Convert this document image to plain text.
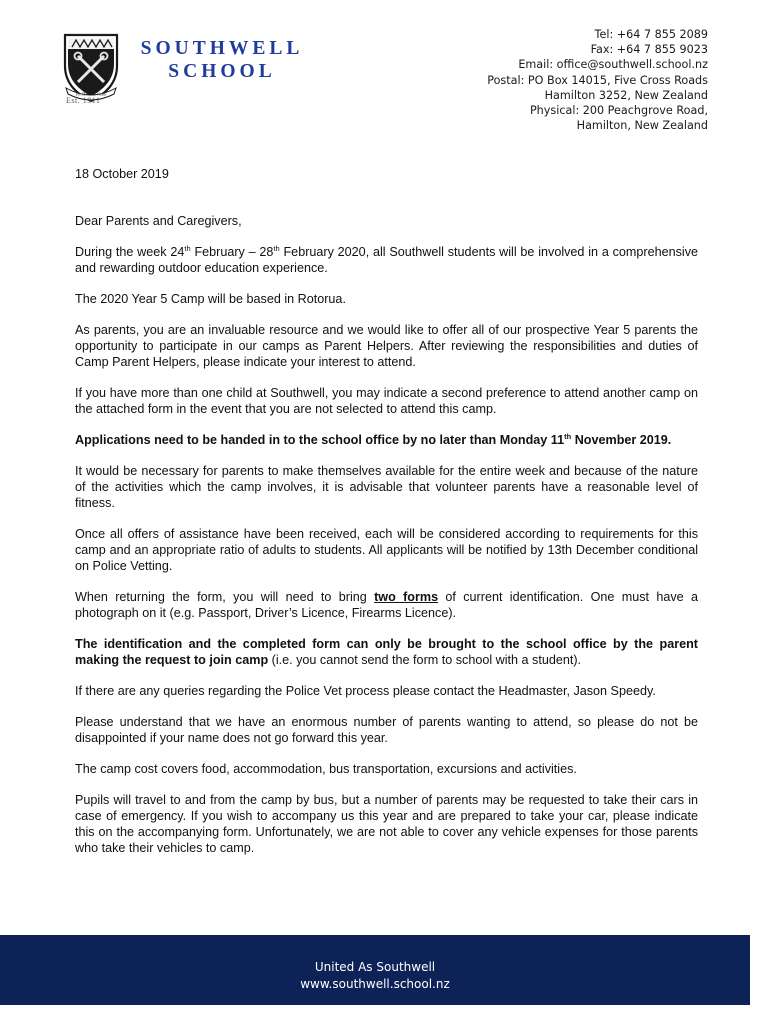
Pro Deo, Ad Vitam
Est. 1911
SOUTHWELL
SCHOOL
Tel: +64 7 855 2089
Fax: +64 7 855 9023
Email: office@southwell.school.nz
Postal: PO Box 14015, Five Cross Roads
Hamilton 3252, New Zealand
Physical: 200 Peachgrove Road,
Hamilton, New Zealand

18 October 2019

Dear Parents and Caregivers,

During the week 24th February – 28th February 2020, all Southwell students will be involved in a comprehensive and rewarding outdoor education experience.

The 2020 Year 5 Camp will be based in Rotorua.

As parents, you are an invaluable resource and we would like to offer all of our prospective Year 5 parents the opportunity to participate in our camps as Parent Helpers. After reviewing the responsibilities and duties of Camp Parent Helpers, please indicate your interest to attend.

If you have more than one child at Southwell, you may indicate a second preference to attend another camp on the attached form in the event that you are not selected to attend this camp.

Applications need to be handed in to the school office by no later than Monday 11th November 2019.

It would be necessary for parents to make themselves available for the entire week and because of the nature of the activities which the camp involves, it is advisable that volunteer parents have a reasonable level of fitness.

Once all offers of assistance have been received, each will be considered according to requirements for this camp and an appropriate ratio of adults to students. All applicants will be notified by 13th December conditional on Police Vetting.

When returning the form, you will need to bring two forms of current identification. One must have a photograph on it (e.g. Passport, Driver’s Licence, Firearms Licence).

The identification and the completed form can only be brought to the school office by the parent making the request to join camp (i.e. you cannot send the form to school with a student).

If there are any queries regarding the Police Vet process please contact the Headmaster, Jason Speedy.

Please understand that we have an enormous number of parents wanting to attend, so please do not be disappointed if your name does not go forward this year.

The camp cost covers food, accommodation, bus transportation, excursions and activities.

Pupils will travel to and from the camp by bus, but a number of parents may be requested to take their cars in case of emergency. If you wish to accompany us this year and are prepared to take your car, please indicate this on the accompanying form. Unfortunately, we are not able to cover any vehicle expenses for those parents who take their vehicles to camp.

United As Southwell
www.southwell.school.nz
